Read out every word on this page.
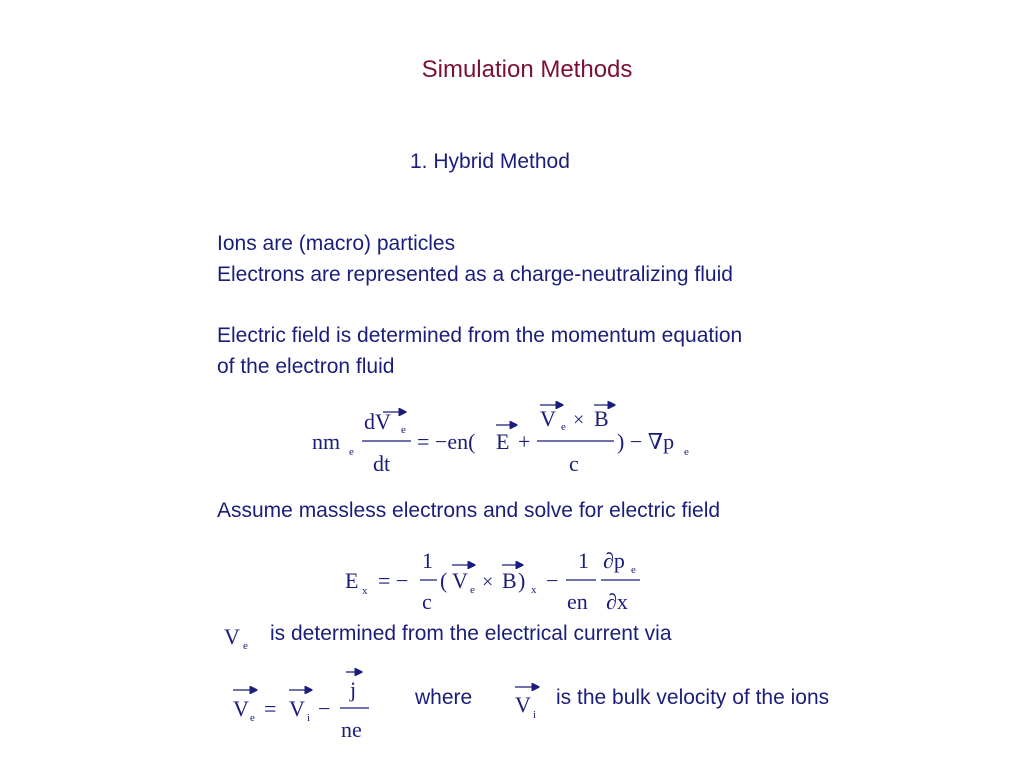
Simulation Methods
1. Hybrid Method
Ions are (macro) particles
Electrons are represented as a charge-neutralizing fluid
Electric field is determined from the momentum equation
of the electron fluid
Assume massless electrons and solve for electric field
is determined from the electrical current via
where	is the bulk velocity of the ions
nm e
dV e
dt
= −en( E +
V e × B
c
) − ∇p e
E x = −
1
c
( V e × B ) x −
1
en
∂p e
∂x
V e
V e = V i −
j
ne
V i
